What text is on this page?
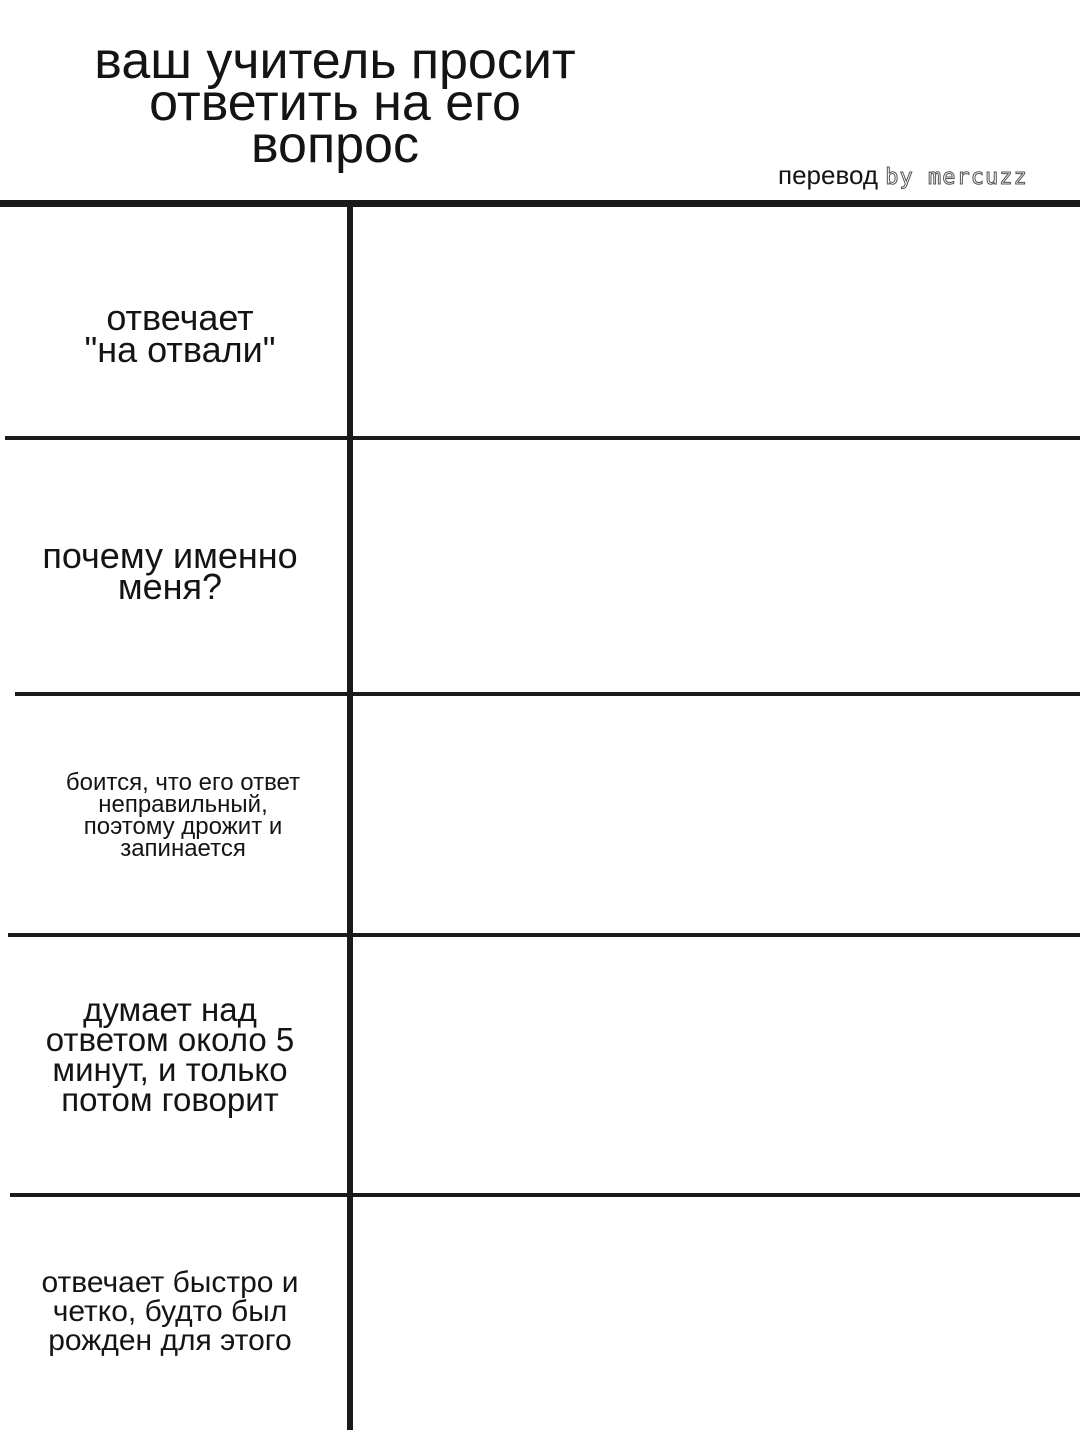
ваш учитель просит
ответить на его
вопрос
перевод by mercuzz
отвечает
"на отвали"
почему именно
меня?
боится, что его ответ
неправильный,
поэтому дрожит и
запинается
думает над
ответом около 5
минут, и только
потом говорит
отвечает быстро и
четко, будто был
рожден для этого
